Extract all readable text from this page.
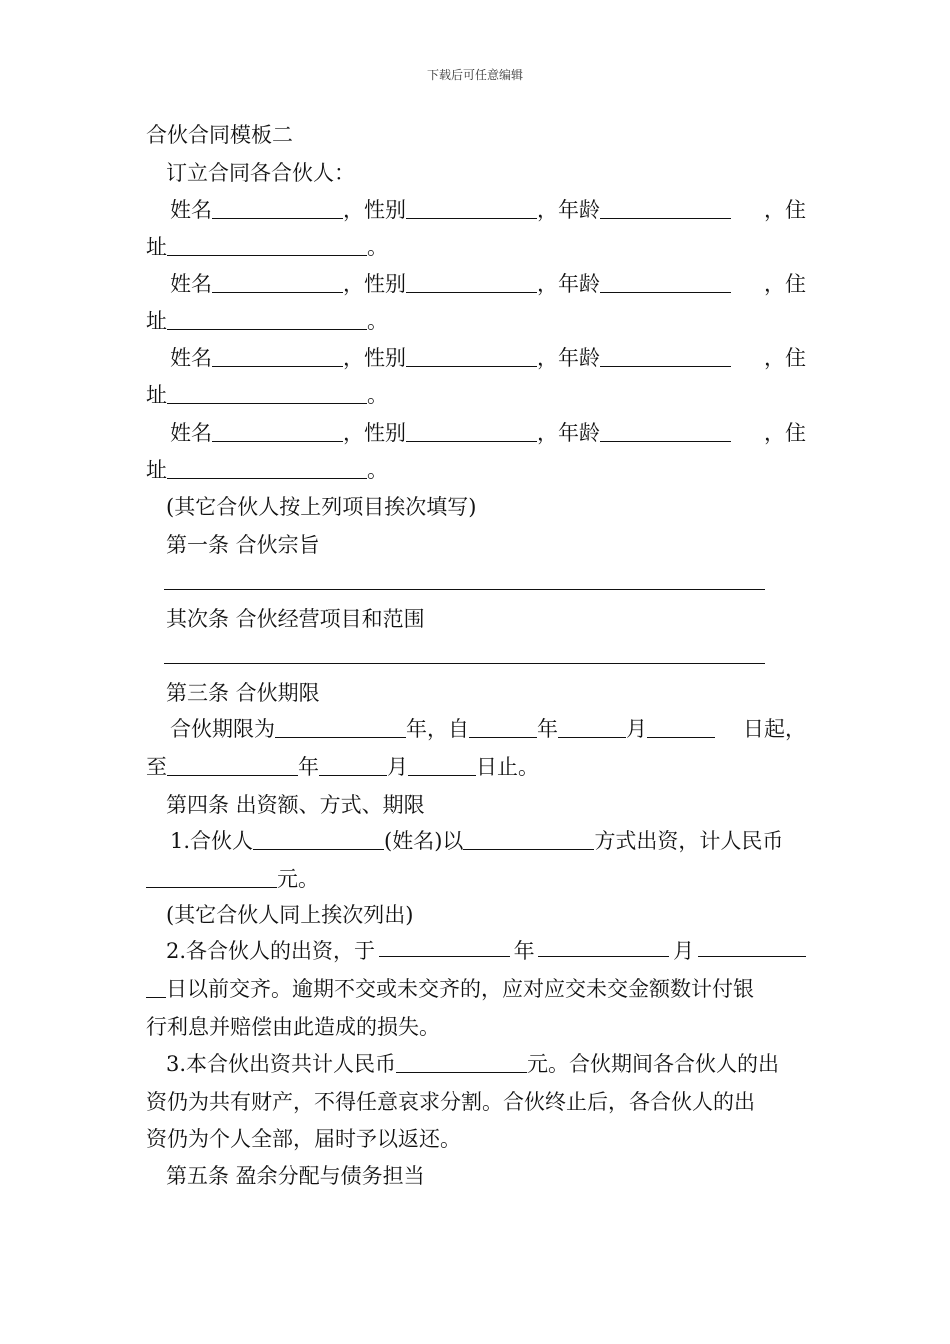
下载后可任意编辑
合伙合同模板二
订立合同各合伙人：
姓名	，性别	，年龄	，住
址	。
姓名	，性别	，年龄	，住
址	。
姓名	，性别	，年龄	，住
址	。
姓名	，性别	，年龄	，住
址	。
(其它合伙人按上列项目挨次填写)
第一条 合伙宗旨
其次条 合伙经营项目和范围
第三条 合伙期限
合伙期限为	年，自	年	月	日起，
至	年	月	日止。
第四条 出资额、方式、期限
1.合伙人	(姓名)以	方式出资，计人民币
元。
(其它合伙人同上挨次列出)
2.各合伙人的出资，于	年	月
日以前交齐。逾期不交或未交齐的，应对应交未交金额数计付银
行利息并赔偿由此造成的损失。
3.本合伙出资共计人民币	元。合伙期间各合伙人的出
资仍为共有财产，不得任意哀求分割。合伙终止后，各合伙人的出
资仍为个人全部，届时予以返还。
第五条 盈余分配与债务担当
